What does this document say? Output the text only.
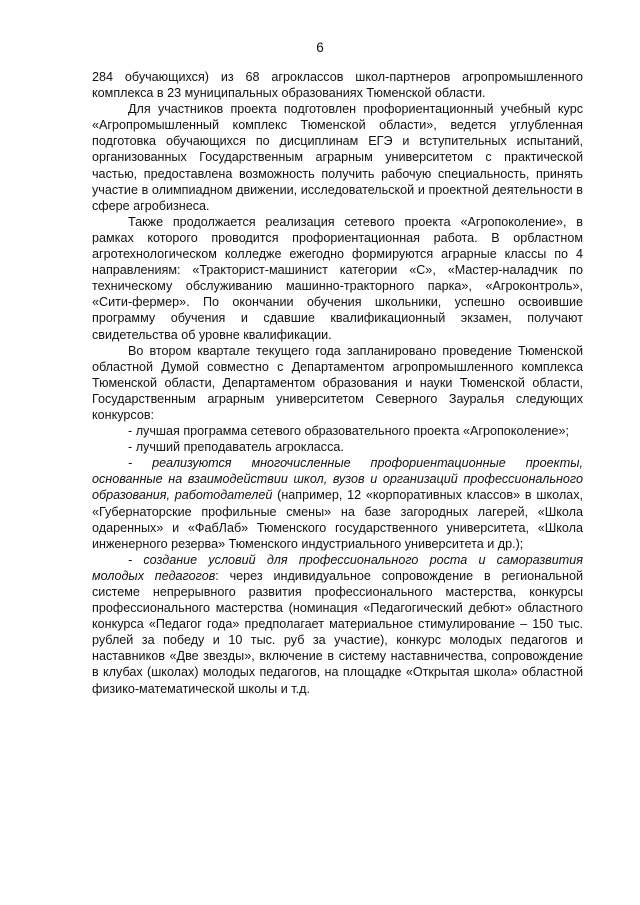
6

284 обучающихся) из 68 агроклассов школ-партнеров агропромышленного комплекса в 23 муниципальных образованиях Тюменской области.

Для участников проекта подготовлен профориентационный учебный курс «Агропромышленный комплекс Тюменской области», ведется углубленная подготовка обучающихся по дисциплинам ЕГЭ и вступительных испытаний, организованных Государственным аграрным университетом с практической частью, предоставлена возможность получить рабочую специальность, принять участие в олимпиадном движении, исследовательской и проектной деятельности в сфере агробизнеса.

Также продолжается реализация сетевого проекта «Агропоколение», в рамках которого проводится профориентационная работа. В орбластном агротехнологическом колледже ежегодно формируются аграрные классы по 4 направлениям: «Тракторист-машинист категории «С», «Мастер-наладчик по техническому обслуживанию машинно-тракторного парка», «Агроконтроль», «Сити-фермер». По окончании обучения школьники, успешно освоившие программу обучения и сдавшие квалификационный экзамен, получают свидетельства об уровне квалификации.

Во втором квартале текущего года запланировано проведение Тюменской областной Думой совместно с Департаментом агропромышленного комплекса Тюменской области, Департаментом образования и науки Тюменской области, Государственным аграрным университетом Северного Зауралья следующих конкурсов:

- лучшая программа сетевого образовательного проекта «Агропоколение»;

- лучший преподаватель агрокласса.

- реализуются многочисленные профориентационные проекты, основанные на взаимодействии школ, вузов и организаций профессионального образования, работодателей (например, 12 «корпоративных классов» в школах, «Губернаторские профильные смены» на базе загородных лагерей, «Школа одаренных» и «ФабЛаб» Тюменского государственного университета, «Школа инженерного резерва» Тюменского индустриального университета и др.);

- создание условий для профессионального роста и саморазвития молодых педагогов: через индивидуальное сопровождение в региональной системе непрерывного развития профессионального мастерства, конкурсы профессионального мастерства (номинация «Педагогический дебют» областного конкурса «Педагог года» предполагает материальное стимулирование – 150 тыс. рублей за победу и 10 тыс. руб за участие), конкурс молодых педагогов и наставников «Две звезды», включение в систему наставничества, сопровождение в клубах (школах) молодых педагогов, на площадке «Открытая школа» областной физико-математической школы и т.д.
